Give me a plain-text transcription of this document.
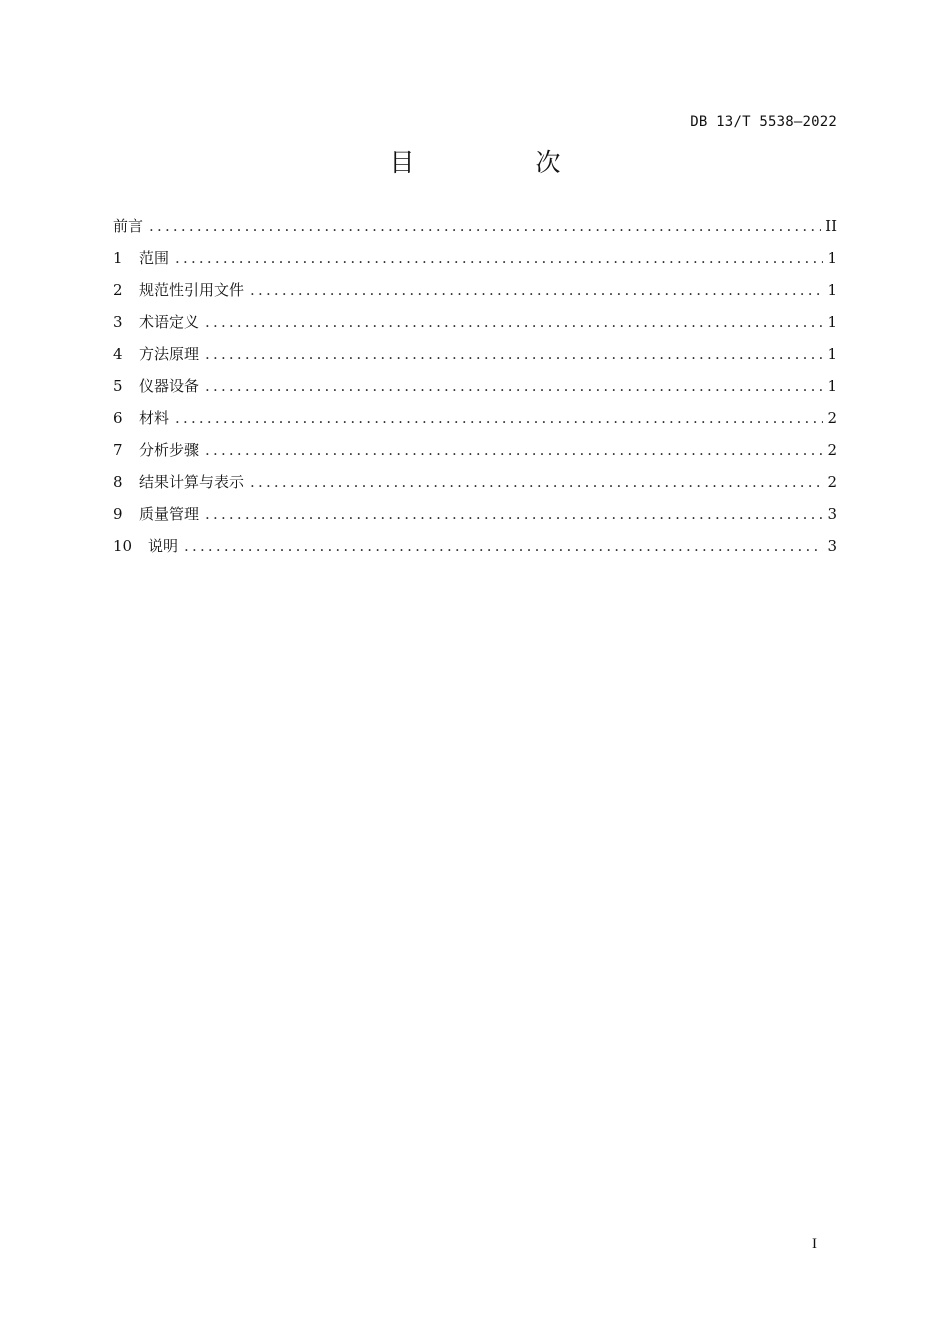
DB 13/T 5538—2022
目　次
前言 .....	II
1	范围 .....	1
2	规范性引用文件 .....	1
3	术语定义 .....	1
4	方法原理 .....	1
5	仪器设备 .....	1
6	材料 .....	2
7	分析步骤 .....	2
8	结果计算与表示 .....	2
9	质量管理 .....	3
10	说明 .....	3
I
